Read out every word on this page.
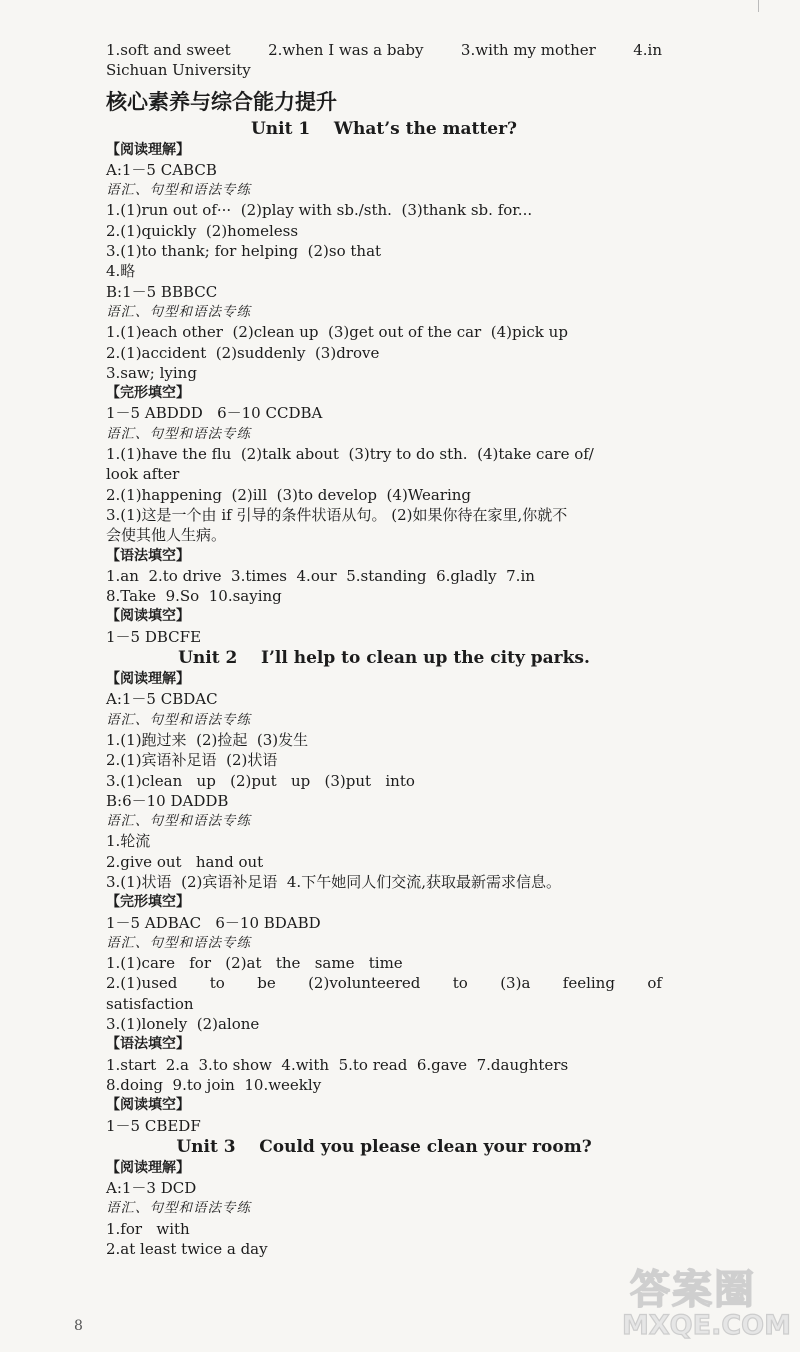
1.soft and sweet 2.when I was a baby 3.with my mother 4.in
Sichuan University
核心素养与综合能力提升
Unit 1    What’s the matter?
【阅读理解】
A:1－5 CABCB
语汇、句型和语法专练
1.(1)run out of···  (2)play with sb./sth.  (3)thank sb. for...
2.(1)quickly  (2)homeless
3.(1)to thank; for helping  (2)so that
4.略
B:1－5 BBBCC
语汇、句型和语法专练
1.(1)each other  (2)clean up  (3)get out of the car  (4)pick up
2.(1)accident  (2)suddenly  (3)drove
3.saw; lying
【完形填空】
1－5 ABDDD   6－10 CCDBA
语汇、句型和语法专练
1.(1)have the flu  (2)talk about  (3)try to do sth.  (4)take care of/
look after
2.(1)happening  (2)ill  (3)to develop  (4)Wearing
3.(1)这是一个由 if 引导的条件状语从句。 (2)如果你待在家里,你就不
会使其他人生病。
【语法填空】
1.an  2.to drive  3.times  4.our  5.standing  6.gladly  7.in
8.Take  9.So  10.saying
【阅读填空】
1－5 DBCFE
Unit 2    I’ll help to clean up the city parks.
【阅读理解】
A:1－5 CBDAC
语汇、句型和语法专练
1.(1)跑过来  (2)捡起  (3)发生
2.(1)宾语补足语  (2)状语
3.(1)clean   up   (2)put   up   (3)put   into
B:6－10 DADDB
语汇、句型和语法专练
1.轮流
2.give out   hand out
3.(1)状语  (2)宾语补足语  4.下午她同人们交流,获取最新需求信息。
【完形填空】
1－5 ADBAC   6－10 BDABD
语汇、句型和语法专练
1.(1)care   for   (2)at   the   same   time
2.(1)used to be (2)volunteered to (3)a feeling of
satisfaction
3.(1)lonely  (2)alone
【语法填空】
1.start  2.a  3.to show  4.with  5.to read  6.gave  7.daughters
8.doing  9.to join  10.weekly
【阅读填空】
1－5 CBEDF
Unit 3    Could you please clean your room?
【阅读理解】
A:1－3 DCD
语汇、句型和语法专练
1.for   with
2.at least twice a day
8
答案圈
MXQE.COM
